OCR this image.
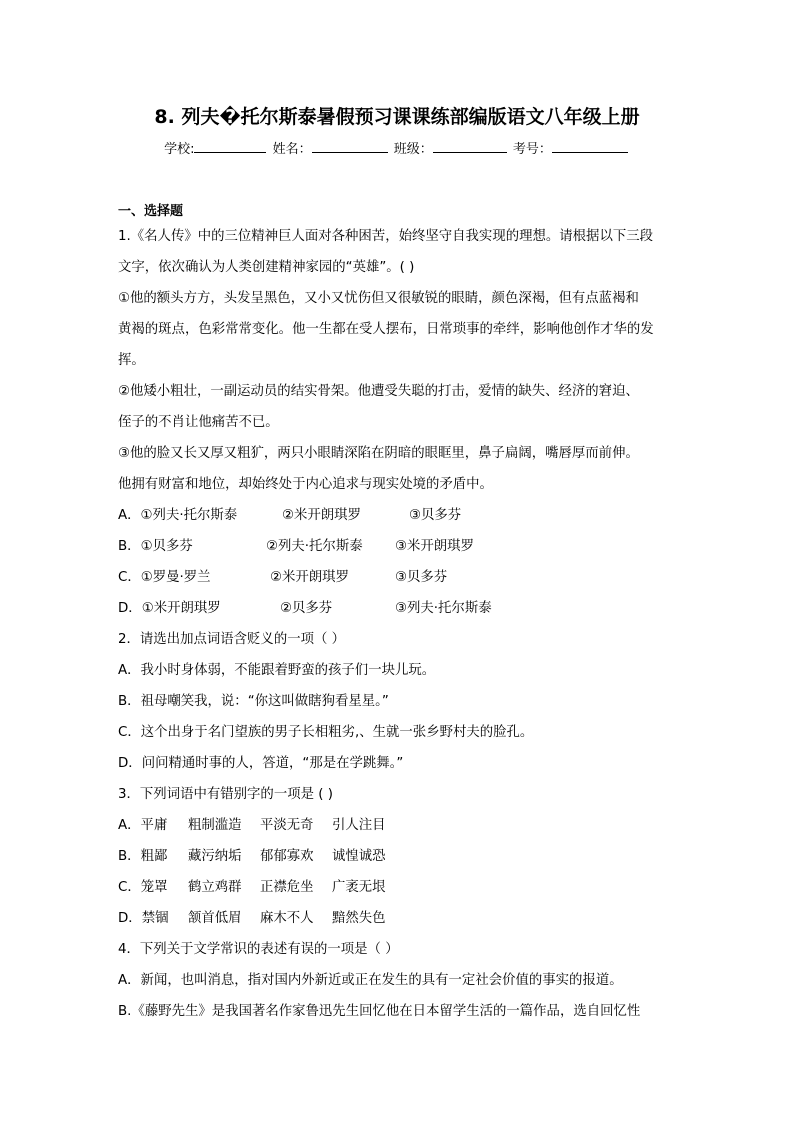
8. 列夫�托尔斯泰暑假预习课课练部编版语文八年级上册
学校:	姓名：	班级：	考号：
一、选择题
1.《名人传》中的三位精神巨人面对各种困苦，始终坚守自我实现的理想。请根据以下三段
文字，依次确认为人类创建精神家园的“英雄”。( )
①他的额头方方，头发呈黑色，又小又忧伤但又很敏锐的眼睛，颜色深褐，但有点蓝褐和
黄褐的斑点，色彩常常变化。他一生都在受人摆布，日常琐事的牵绊，影响他创作才华的发
挥。
②他矮小粗壮，一副运动员的结实骨架。他遭受失聪的打击，爱情的缺失、经济的窘迫、
侄子的不肖让他痛苦不已。
③他的脸又长又厚又粗犷，两只小眼睛深陷在阴暗的眼眶里，鼻子扁阔，嘴唇厚而前伸。
他拥有财富和地位，却始终处于内心追求与现实处境的矛盾中。
A．①列夫·托尔斯泰	②米开朗琪罗	③贝多芬
B．①贝多芬	②列夫·托尔斯泰 ③米开朗琪罗
C．①罗曼·罗兰	②米开朗琪罗	③贝多芬
D．①米开朗琪罗	②贝多芬	③列夫·托尔斯泰
2．请选出加点词语含贬义的一项（ ）
A．我小时身体弱，不能跟着野蛮的孩子们一块儿玩。
B．祖母嘲笑我，说：“你这叫做瞎狗看星星。”
C．这个出身于名门望族的男子长相粗劣,、生就一张乡野村夫的脸孔。
D．问问精通时事的人，答道，“那是在学跳舞。”
3．下列词语中有错别字的一项是 ( )
A．平庸 粗制滥造 平淡无奇 引人注目
B．粗鄙 藏污纳垢 郁郁寡欢 诚惶诚恐
C．笼罩 鹤立鸡群 正襟危坐 广袤无垠
D．禁锢 颔首低眉 麻木不人 黯然失色
4．下列关于文学常识的表述有误的一项是（ ）
A．新闻，也叫消息，指对国内外新近或正在发生的具有一定社会价值的事实的报道。
B.《藤野先生》是我国著名作家鲁迅先生回忆他在日本留学生活的一篇作品，选自回忆性
